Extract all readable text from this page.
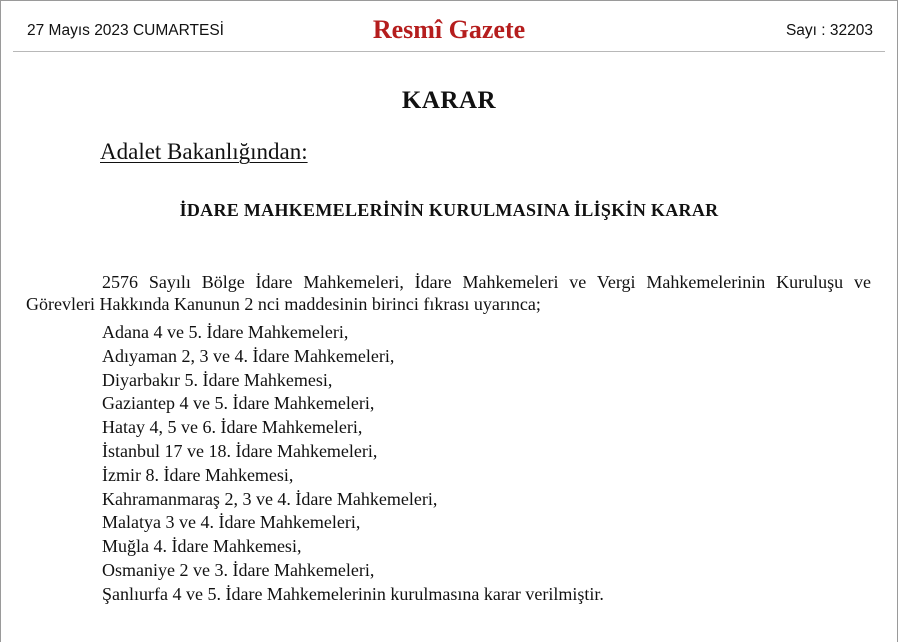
27 Mayıs 2023 CUMARTESİ	Resmî Gazete	Sayı : 32203
KARAR
Adalet Bakanlığından:
İDARE MAHKEMELERİNİN KURULMASINA İLİŞKİN KARAR
2576 Sayılı Bölge İdare Mahkemeleri, İdare Mahkemeleri ve Vergi Mahkemelerinin Kuruluşu ve Görevleri Hakkında Kanunun 2 nci maddesinin birinci fıkrası uyarınca;
Adana 4 ve 5. İdare Mahkemeleri,
Adıyaman 2, 3 ve 4. İdare Mahkemeleri,
Diyarbakır 5. İdare Mahkemesi,
Gaziantep 4 ve 5. İdare Mahkemeleri,
Hatay 4, 5 ve 6. İdare Mahkemeleri,
İstanbul 17 ve 18. İdare Mahkemeleri,
İzmir 8. İdare Mahkemesi,
Kahramanmaraş 2, 3 ve 4. İdare Mahkemeleri,
Malatya 3 ve 4. İdare Mahkemeleri,
Muğla 4. İdare Mahkemesi,
Osmaniye 2 ve 3. İdare Mahkemeleri,
Şanlıurfa 4 ve 5. İdare Mahkemelerinin kurulmasına karar verilmiştir.
